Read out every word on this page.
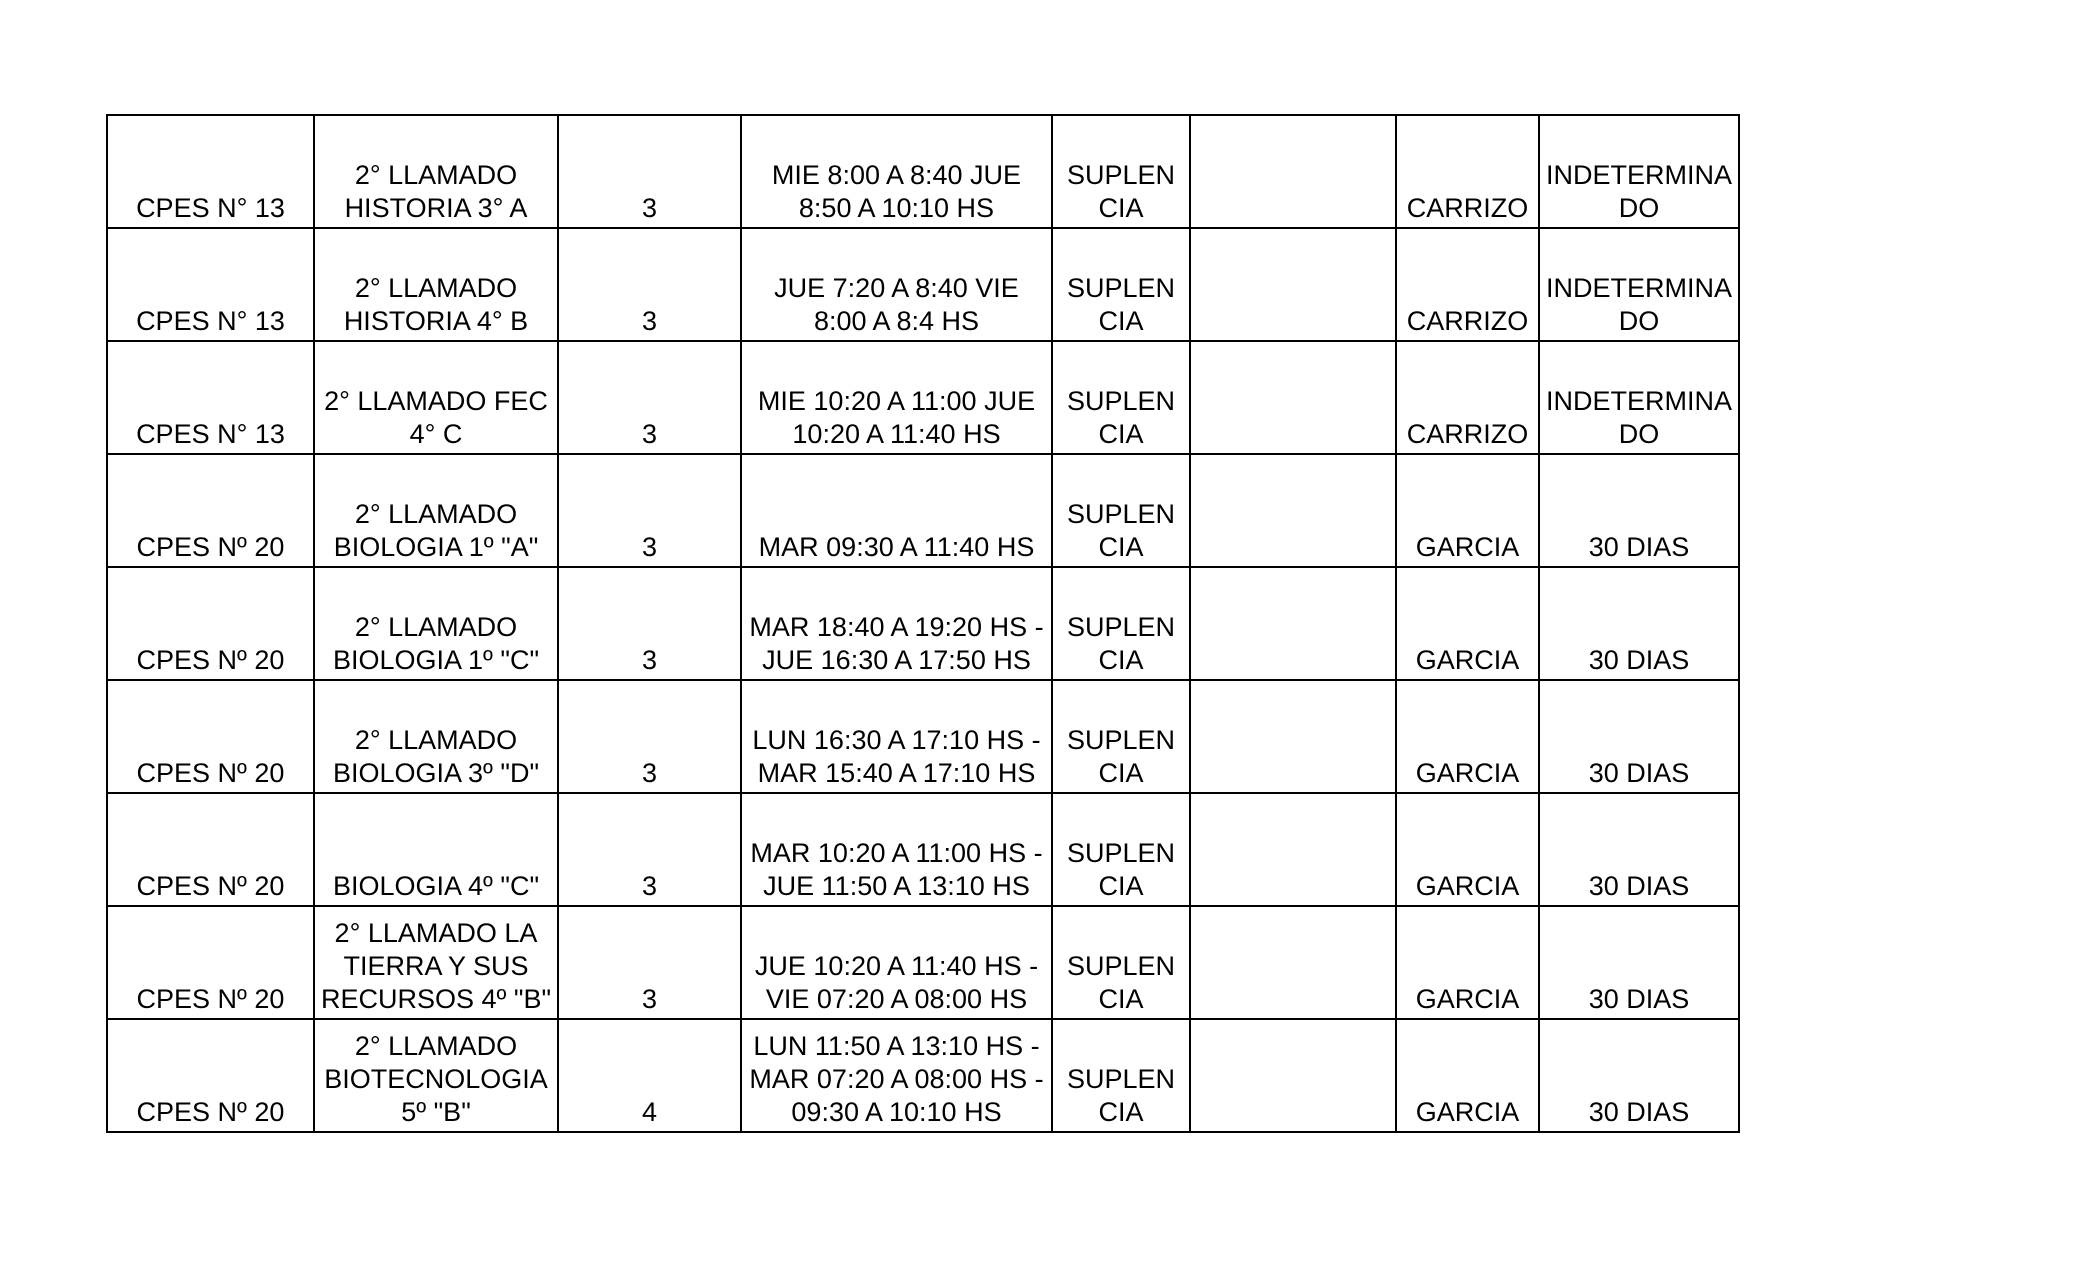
CPES N° 13	2° LLAMADO HISTORIA 3° A	3	MIE 8:00 A 8:40 JUE 8:50 A 10:10 HS	SUPLEN CIA		CARRIZO	INDETERMINA DO
CPES N° 13	2° LLAMADO HISTORIA 4° B	3	JUE 7:20 A 8:40 VIE 8:00 A 8:4 HS	SUPLEN CIA		CARRIZO	INDETERMINA DO
CPES N° 13	2° LLAMADO FEC 4° C	3	MIE 10:20 A 11:00 JUE 10:20 A 11:40 HS	SUPLEN CIA		CARRIZO	INDETERMINA DO
CPES Nº 20	2° LLAMADO BIOLOGIA 1º "A"	3	MAR 09:30 A 11:40 HS	SUPLEN CIA		GARCIA	30 DIAS
CPES Nº 20	2° LLAMADO BIOLOGIA 1º "C"	3	MAR 18:40 A 19:20 HS - JUE 16:30 A 17:50 HS	SUPLEN CIA		GARCIA	30 DIAS
CPES Nº 20	2° LLAMADO BIOLOGIA 3º "D"	3	LUN 16:30 A 17:10 HS - MAR 15:40 A 17:10 HS	SUPLEN CIA		GARCIA	30 DIAS
CPES Nº 20	BIOLOGIA 4º "C"	3	MAR 10:20 A 11:00 HS - JUE 11:50 A 13:10 HS	SUPLEN CIA		GARCIA	30 DIAS
CPES Nº 20	2° LLAMADO LA TIERRA Y SUS RECURSOS 4º "B"	3	JUE 10:20 A 11:40 HS - VIE 07:20 A 08:00 HS	SUPLEN CIA		GARCIA	30 DIAS
CPES Nº 20	2° LLAMADO BIOTECNOLOGIA 5º "B"	4	LUN 11:50 A 13:10 HS - MAR 07:20 A 08:00 HS - 09:30 A 10:10 HS	SUPLEN CIA		GARCIA	30 DIAS
